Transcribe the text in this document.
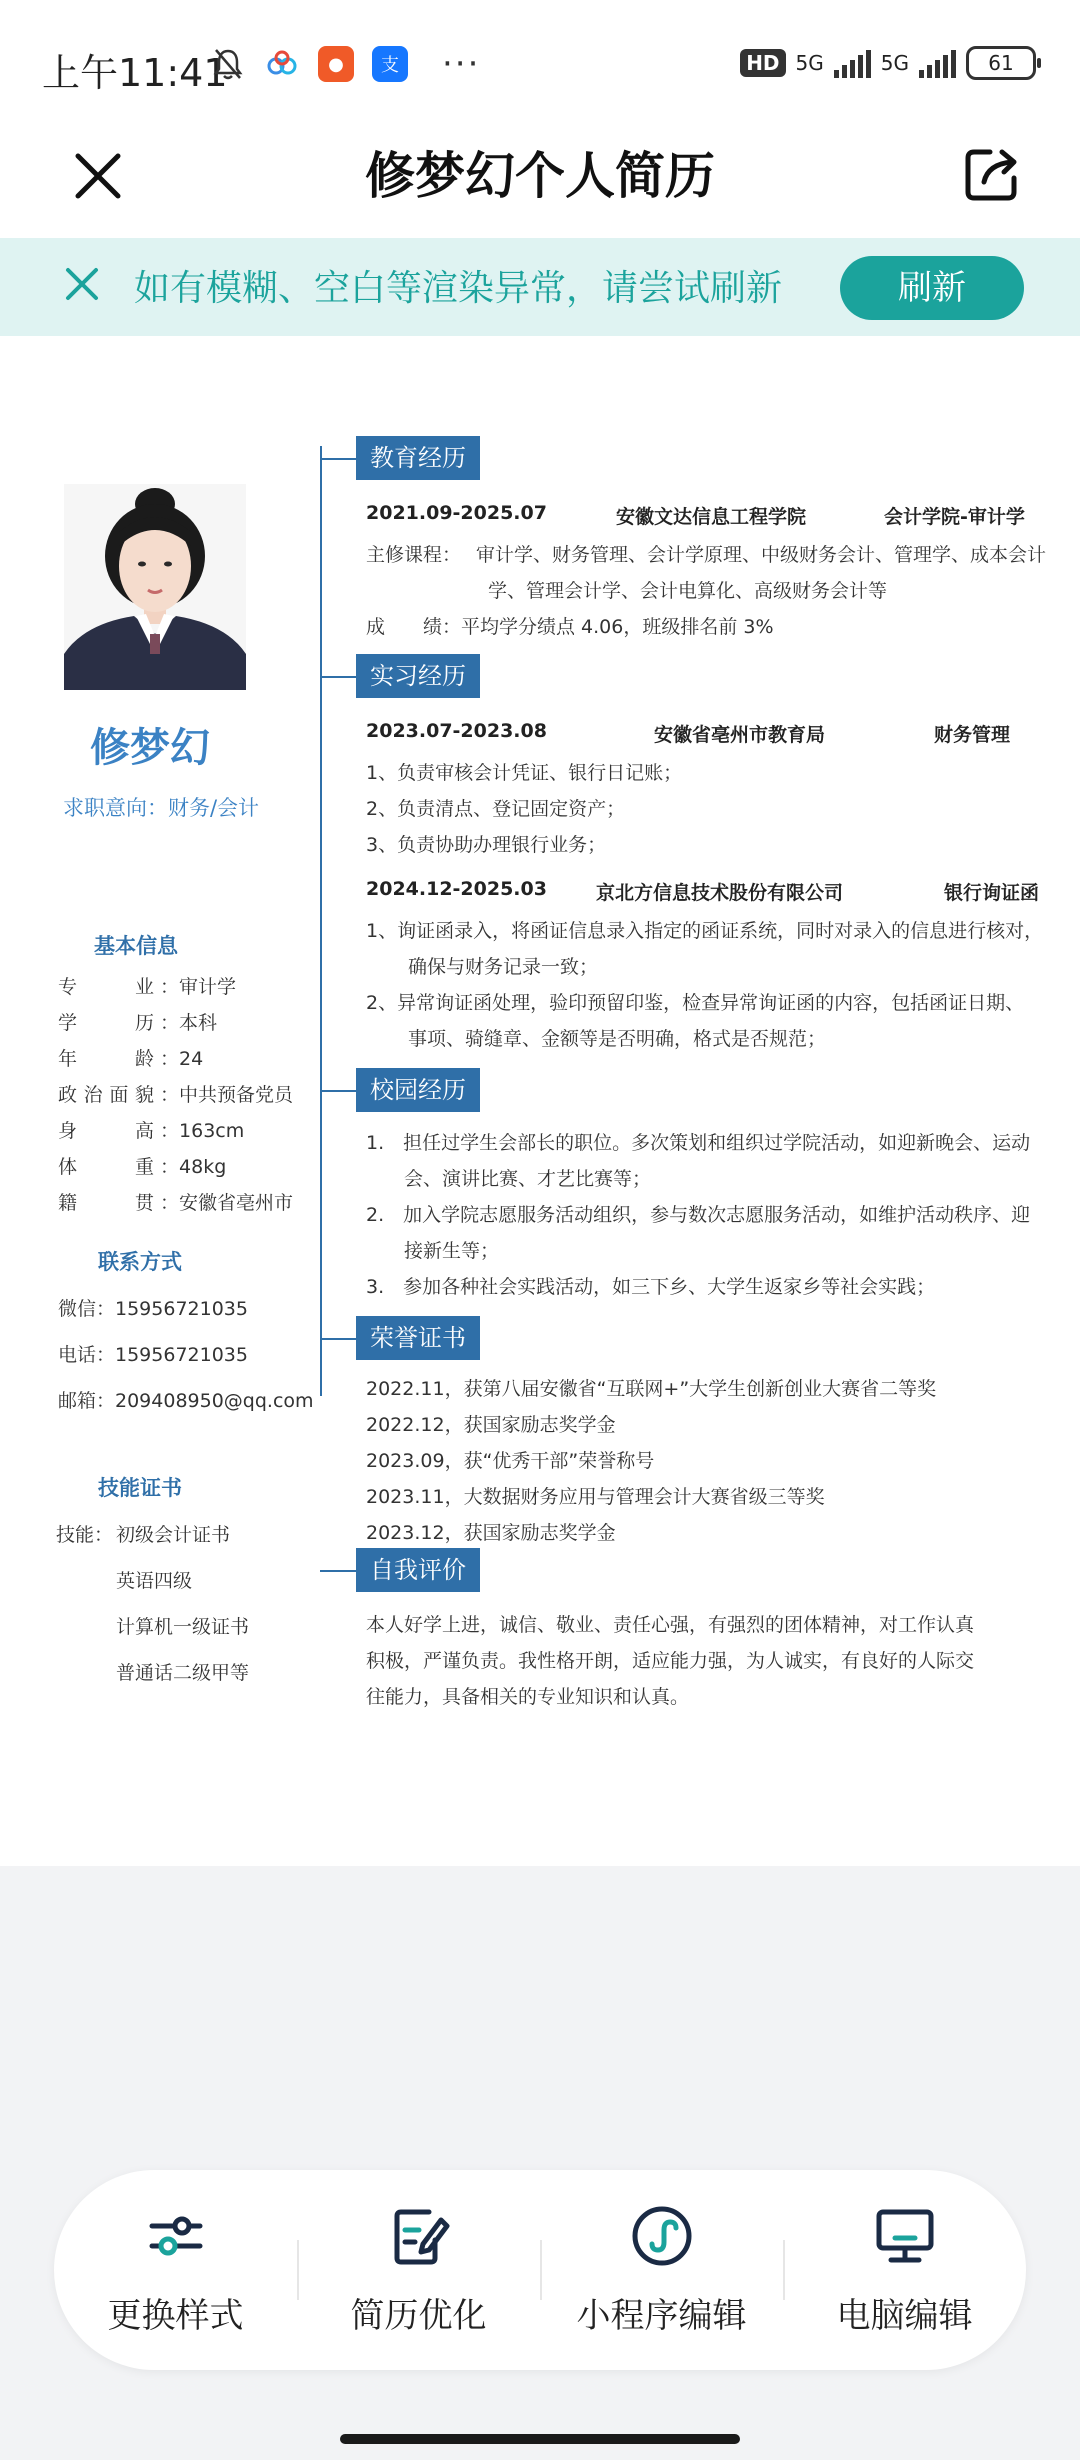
上午11:41	●	支 ···	HD 5G	5G	61
修梦幻个人简历
如有模糊、空白等渲染异常，请尝试刷新	刷新
修梦幻
求职意向：财务/会计
基本信息
专业 ：审计学
学历 ：本科
年龄 ：24
政治面貌 ：中共预备党员
身高 ：163cm
体重 ：48kg
籍贯 ：安徽省亳州市
联系方式
微信：15956721035
电话：15956721035
邮箱：209408950@qq.com
技能证书
技能： 初级会计证书
英语四级
计算机一级证书
普通话二级甲等
教育经历
2021.09-2025.07	安徽文达信息工程学院	会计学院-审计学
主修课程： 审计学、财务管理、会计学原理、中级财务会计、管理学、成本会计
学、管理会计学、会计电算化、高级财务会计等
成　　绩：平均学分绩点 4.06，班级排名前 3%
实习经历
2023.07-2023.08	安徽省亳州市教育局	财务管理
1、负责审核会计凭证、银行日记账；
2、负责清点、登记固定资产；
3、负责协助办理银行业务；
2024.12-2025.03	京北方信息技术股份有限公司	银行询证函
1、询证函录入，将函证信息录入指定的函证系统，同时对录入的信息进行核对，
确保与财务记录一致；
2、异常询证函处理，验印预留印鉴，检查异常询证函的内容，包括函证日期、
事项、骑缝章、金额等是否明确，格式是否规范；
校园经历
1.　担任过学生会部长的职位。多次策划和组织过学院活动，如迎新晚会、运动
会、演讲比赛、才艺比赛等；
2.　加入学院志愿服务活动组织，参与数次志愿服务活动，如维护活动秩序、迎
接新生等；
3.　参加各种社会实践活动，如三下乡、大学生返家乡等社会实践；
荣誉证书
2022.11，获第八届安徽省“互联网+”大学生创新创业大赛省二等奖
2022.12，获国家励志奖学金
2023.09，获“优秀干部”荣誉称号
2023.11，大数据财务应用与管理会计大赛省级三等奖
2023.12，获国家励志奖学金
自我评价
本人好学上进，诚信、敬业、责任心强，有强烈的团体精神，对工作认真
积极，严谨负责。我性格开朗，适应能力强，为人诚实，有良好的人际交
往能力，具备相关的专业知识和认真。
更换样式	简历优化	小程序编辑	电脑编辑
